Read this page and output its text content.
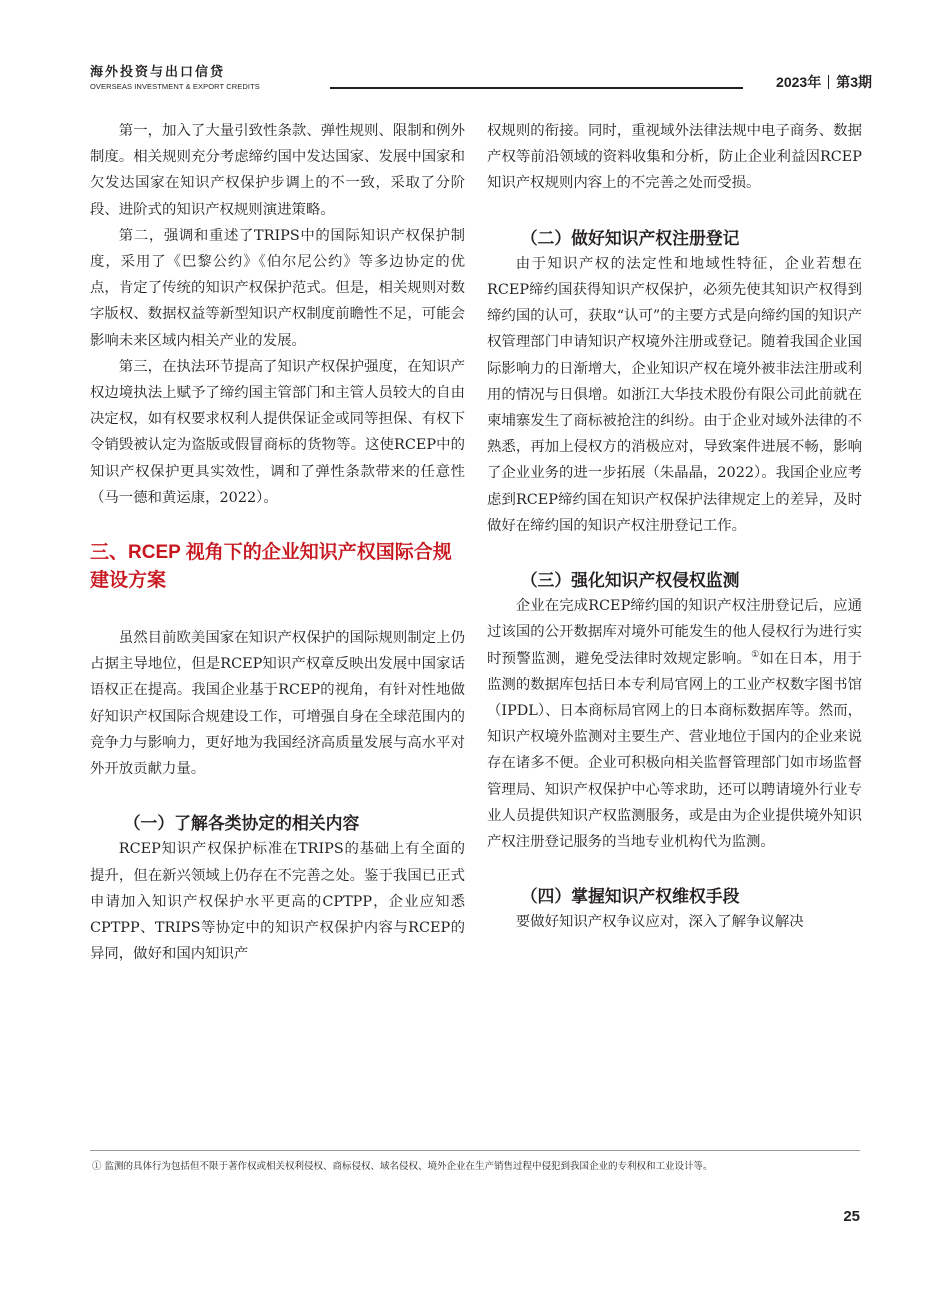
海外投资与出口信贷
OVERSEAS INVESTMENT & EXPORT CREDITS	2023年 第3期

第一，加入了大量引致性条款、弹性规则、限制和例外制度。相关规则充分考虑缔约国中发达国家、发展中国家和欠发达国家在知识产权保护步调上的不一致，采取了分阶段、进阶式的知识产权规则演进策略。

第二，强调和重述了TRIPS中的国际知识产权保护制度，采用了《巴黎公约》《伯尔尼公约》等多边协定的优点，肯定了传统的知识产权保护范式。但是，相关规则对数字版权、数据权益等新型知识产权制度前瞻性不足，可能会影响未来区域内相关产业的发展。

第三，在执法环节提高了知识产权保护强度，在知识产权边境执法上赋予了缔约国主管部门和主管人员较大的自由决定权，如有权要求权利人提供保证金或同等担保、有权下令销毁被认定为盗版或假冒商标的货物等。这使RCEP中的知识产权保护更具实效性，调和了弹性条款带来的任意性（马一德和黄运康，2022）。

三、RCEP 视角下的企业知识产权国际合规建设方案

虽然目前欧美国家在知识产权保护的国际规则制定上仍占据主导地位，但是RCEP知识产权章反映出发展中国家话语权正在提高。我国企业基于RCEP的视角，有针对性地做好知识产权国际合规建设工作，可增强自身在全球范围内的竞争力与影响力，更好地为我国经济高质量发展与高水平对外开放贡献力量。

（一）了解各类协定的相关内容

RCEP知识产权保护标准在TRIPS的基础上有全面的提升，但在新兴领域上仍存在不完善之处。鉴于我国已正式申请加入知识产权保护水平更高的CPTPP，企业应知悉CPTPP、TRIPS等协定中的知识产权保护内容与RCEP的异同，做好和国内知识产

权规则的衔接。同时，重视域外法律法规中电子商务、数据产权等前沿领域的资料收集和分析，防止企业利益因RCEP知识产权规则内容上的不完善之处而受损。

（二）做好知识产权注册登记

由于知识产权的法定性和地域性特征，企业若想在RCEP缔约国获得知识产权保护，必须先使其知识产权得到缔约国的认可，获取“认可”的主要方式是向缔约国的知识产权管理部门申请知识产权境外注册或登记。随着我国企业国际影响力的日渐增大，企业知识产权在境外被非法注册或利用的情况与日俱增。如浙江大华技术股份有限公司此前就在柬埔寨发生了商标被抢注的纠纷。由于企业对域外法律的不熟悉，再加上侵权方的消极应对，导致案件进展不畅，影响了企业业务的进一步拓展（朱晶晶，2022）。我国企业应考虑到RCEP缔约国在知识产权保护法律规定上的差异，及时做好在缔约国的知识产权注册登记工作。

（三）强化知识产权侵权监测

企业在完成RCEP缔约国的知识产权注册登记后，应通过该国的公开数据库对境外可能发生的他人侵权行为进行实时预警监测，避免受法律时效规定影响。①如在日本，用于监测的数据库包括日本专利局官网上的工业产权数字图书馆（IPDL）、日本商标局官网上的日本商标数据库等。然而，知识产权境外监测对主要生产、营业地位于国内的企业来说存在诸多不便。企业可积极向相关监督管理部门如市场监督管理局、知识产权保护中心等求助，还可以聘请境外行业专业人员提供知识产权监测服务，或是由为企业提供境外知识产权注册登记服务的当地专业机构代为监测。

（四）掌握知识产权维权手段

要做好知识产权争议应对，深入了解争议解决

① 监测的具体行为包括但不限于著作权或相关权利侵权、商标侵权、域名侵权、境外企业在生产销售过程中侵犯到我国企业的专利权和工业设计等。
25
